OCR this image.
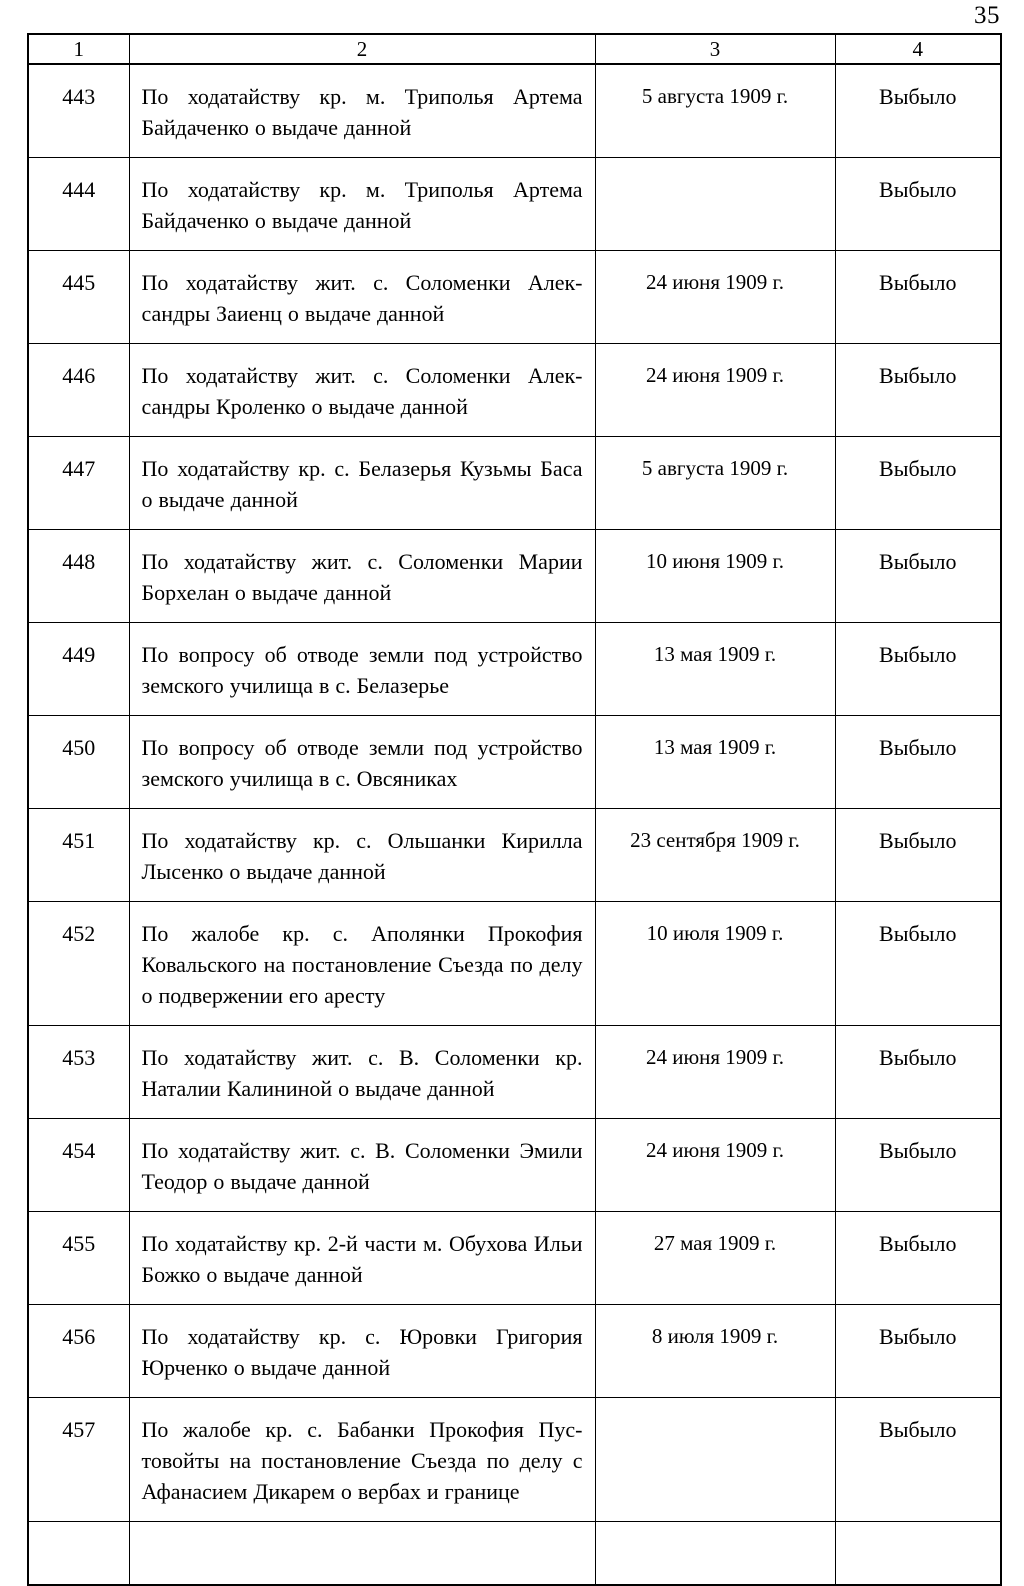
35
1	2	3	4
443	По ходатайству кр. м. Триполья Артема Байдаченко о выдаче данной	5 августа 1909 г.	Выбыло
444	По ходатайству кр. м. Триполья Артема Байдаченко о выдаче данной		Выбыло
445	По ходатайству жит. с. Соломенки Александры Заиенц о выдаче данной	24 июня 1909 г.	Выбыло
446	По ходатайству жит. с. Соломенки Александры Кроленко о выдаче данной	24 июня 1909 г.	Выбыло
447	По ходатайству кр. с. Белазерья Кузьмы Баса о выдаче данной	5 августа 1909 г.	Выбыло
448	По ходатайству жит. с. Соломенки Марии Борхелан о выдаче данной	10 июня 1909 г.	Выбыло
449	По вопросу об отводе земли под устройство земского училища в с. Белазерье	13 мая 1909 г.	Выбыло
450	По вопросу об отводе земли под устройство земского училища в с. Овсяниках	13 мая 1909 г.	Выбыло
451	По ходатайству кр. с. Ольшанки Кирилла Лысенко о выдаче данной	23 сентября 1909 г.	Выбыло
452	По жалобе кр. с. Аполянки Прокофия Ковальского на постановление Съезда по делу о подвержении его аресту	10 июля 1909 г.	Выбыло
453	По ходатайству жит. с. В. Соломенки кр. Наталии Калининой о выдаче данной	24 июня 1909 г.	Выбыло
454	По ходатайству жит. с. В. Соломенки Эмили Теодор о выдаче данной	24 июня 1909 г.	Выбыло
455	По ходатайству кр. 2-й части м. Обухова Ильи Божко о выдаче данной	27 мая 1909 г.	Выбыло
456	По ходатайству кр. с. Юровки Григория Юрченко о выдаче данной	8 июля 1909 г.	Выбыло
457	По жалобе кр. с. Бабанки Прокофия Пустовойты на постановление Съезда по делу с Афанасием Дикарем о вербах и границе		Выбыло
